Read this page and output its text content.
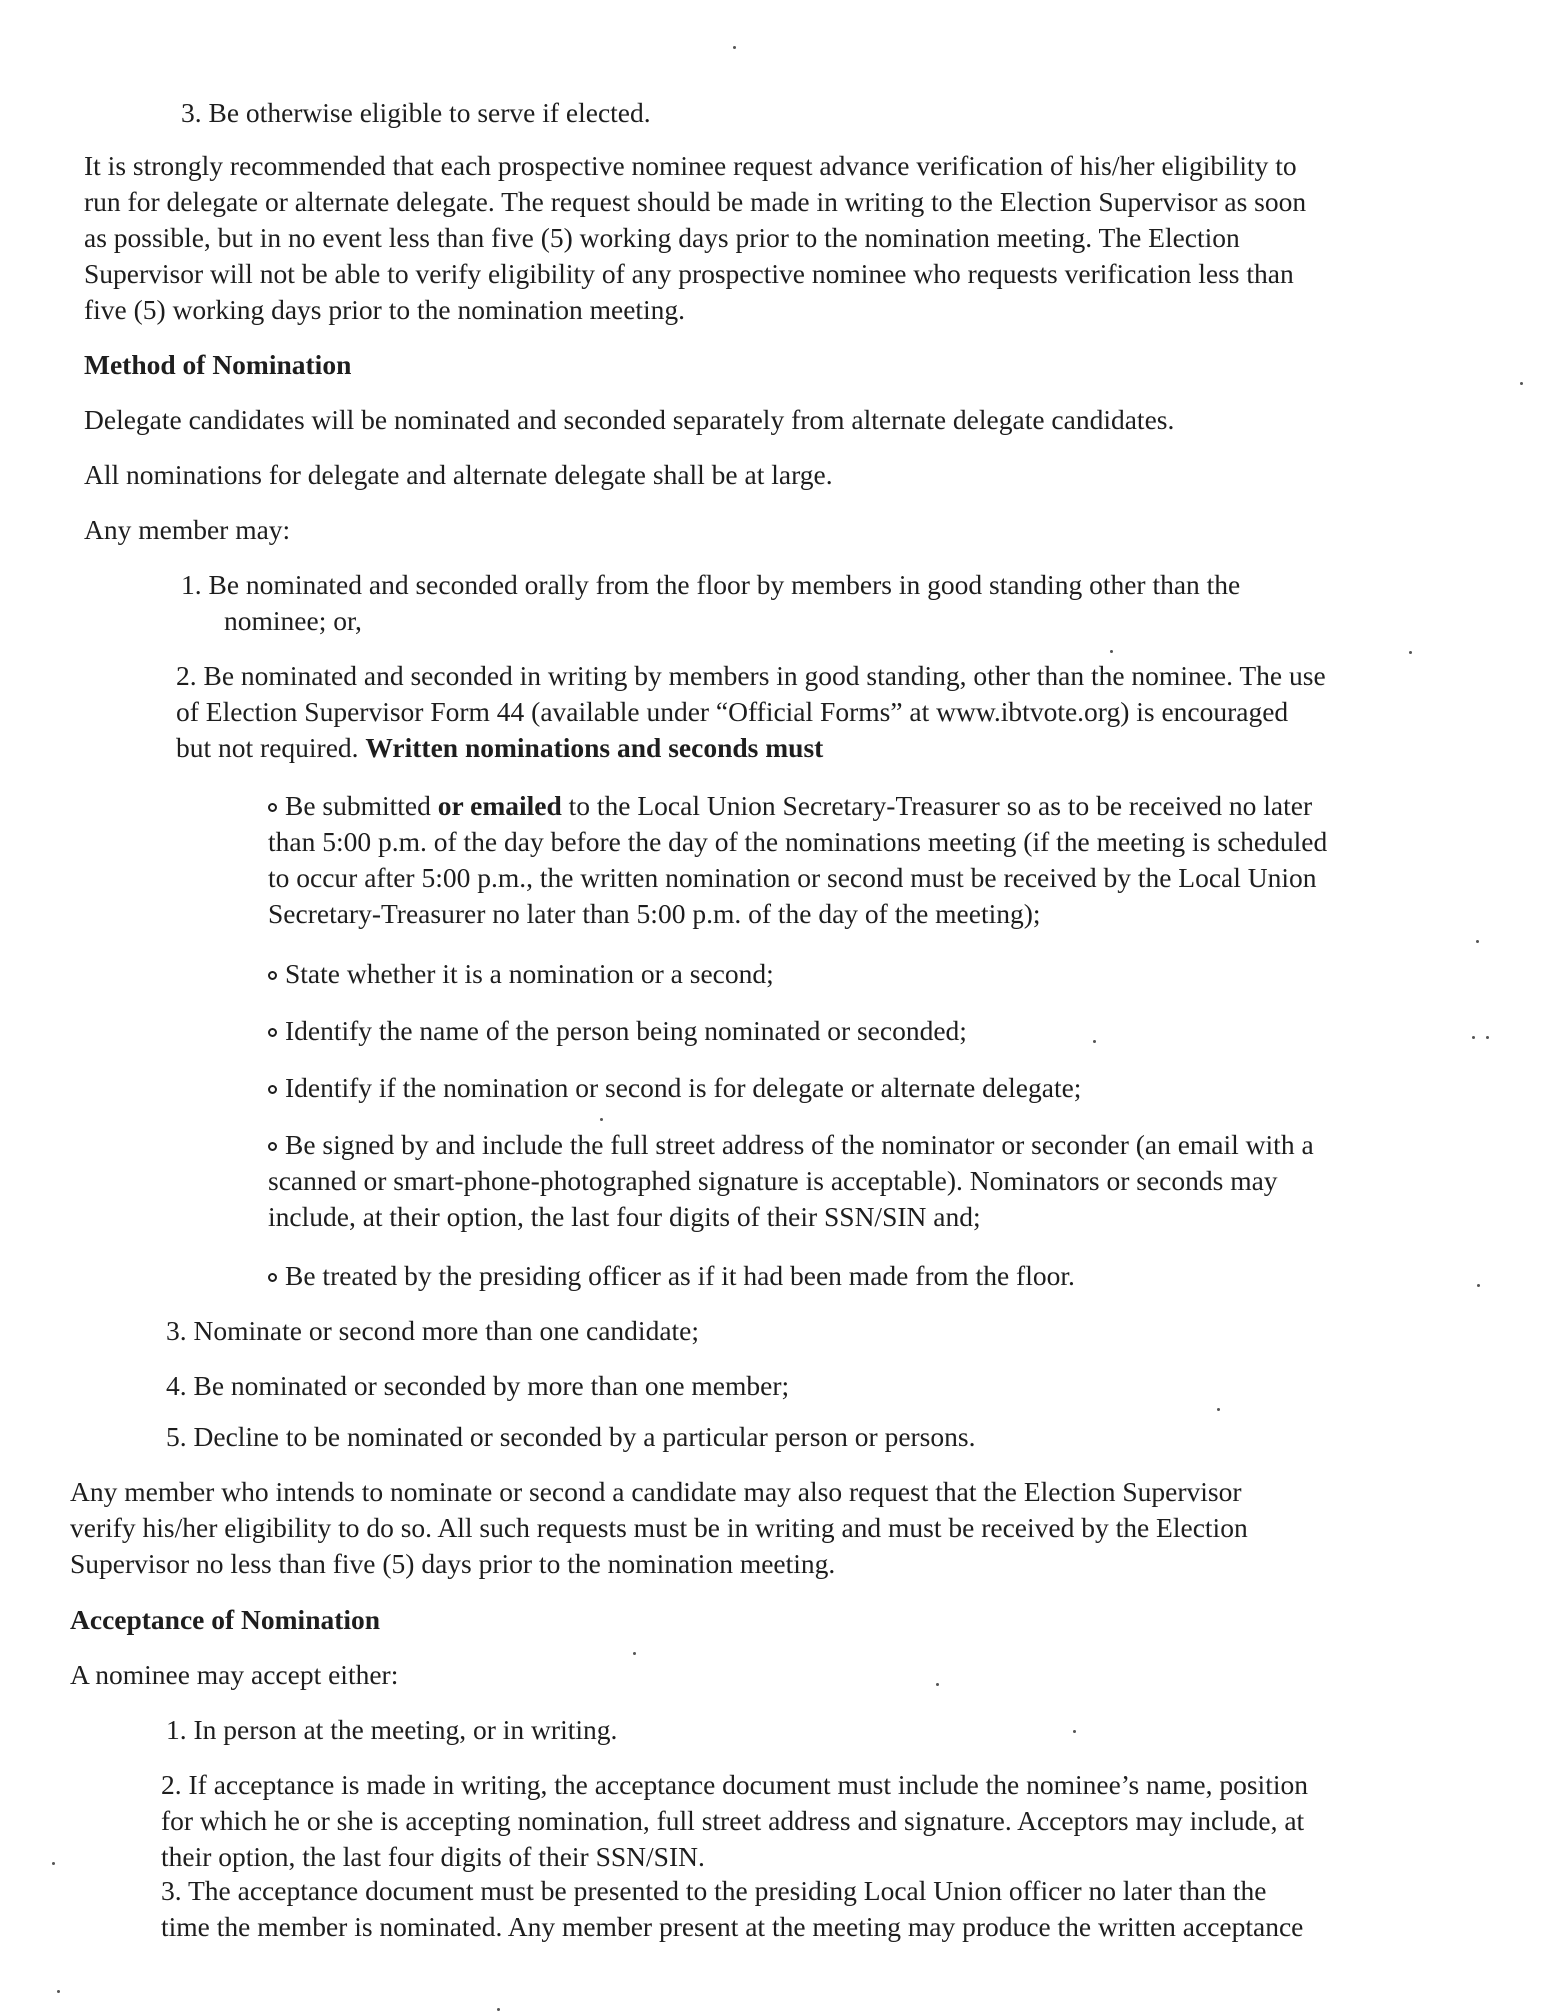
3. Be otherwise eligible to serve if elected.

It is strongly recommended that each prospective nominee request advance verification of his/her eligibility to
run for delegate or alternate delegate. The request should be made in writing to the Election Supervisor as soon
as possible, but in no event less than five (5) working days prior to the nomination meeting. The Election
Supervisor will not be able to verify eligibility of any prospective nominee who requests verification less than
five (5) working days prior to the nomination meeting.

Method of Nomination

Delegate candidates will be nominated and seconded separately from alternate delegate candidates.

All nominations for delegate and alternate delegate shall be at large.

Any member may:

1. Be nominated and seconded orally from the floor by members in good standing other than the
nominee; or,

2. Be nominated and seconded in writing by members in good standing, other than the nominee. The use
of Election Supervisor Form 44 (available under “Official Forms” at www.ibtvote.org) is encouraged
but not required. Written nominations and seconds must

Be submitted or emailed to the Local Union Secretary-Treasurer so as to be received no later
than 5:00 p.m. of the day before the day of the nominations meeting (if the meeting is scheduled
to occur after 5:00 p.m., the written nomination or second must be received by the Local Union
Secretary-Treasurer no later than 5:00 p.m. of the day of the meeting);

State whether it is a nomination or a second;

Identify the name of the person being nominated or seconded;

Identify if the nomination or second is for delegate or alternate delegate;

Be signed by and include the full street address of the nominator or seconder (an email with a
scanned or smart-phone-photographed signature is acceptable). Nominators or seconds may
include, at their option, the last four digits of their SSN/SIN and;

Be treated by the presiding officer as if it had been made from the floor.

3. Nominate or second more than one candidate;

4. Be nominated or seconded by more than one member;

5. Decline to be nominated or seconded by a particular person or persons.

Any member who intends to nominate or second a candidate may also request that the Election Supervisor
verify his/her eligibility to do so. All such requests must be in writing and must be received by the Election
Supervisor no less than five (5) days prior to the nomination meeting.

Acceptance of Nomination

A nominee may accept either:

1. In person at the meeting, or in writing.

2. If acceptance is made in writing, the acceptance document must include the nominee’s name, position
for which he or she is accepting nomination, full street address and signature. Acceptors may include, at
their option, the last four digits of their SSN/SIN.

3. The acceptance document must be presented to the presiding Local Union officer no later than the
time the member is nominated. Any member present at the meeting may produce the written acceptance
